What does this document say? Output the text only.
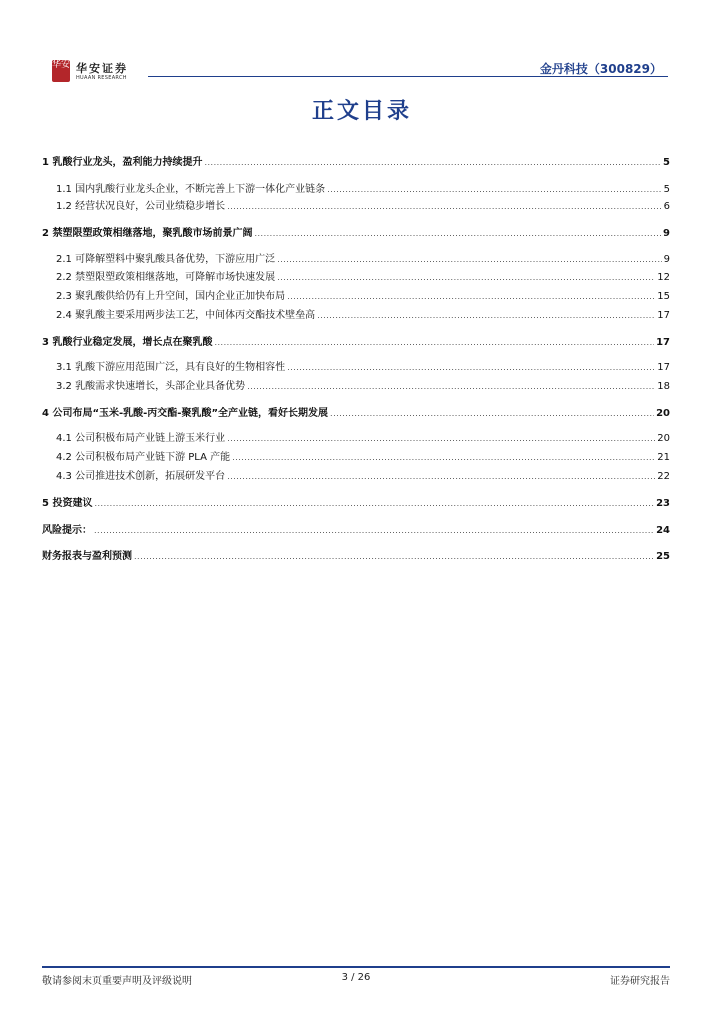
华安 华安证券
HUAAN RESEARCH
金丹科技（300829）
正文目录
1 乳酸行业龙头，盈利能力持续提升 .....	5
1.1 国内乳酸行业龙头企业，不断完善上下游一体化产业链条 .....	5
1.2 经营状况良好，公司业绩稳步增长 .....	6
2 禁塑限塑政策相继落地，聚乳酸市场前景广阔 .....	9
2.1 可降解塑料中聚乳酸具备优势，下游应用广泛 .....	9
2.2 禁塑限塑政策相继落地，可降解市场快速发展 .....	12
2.3 聚乳酸供给仍有上升空间，国内企业正加快布局 .....	15
2.4 聚乳酸主要采用两步法工艺，中间体丙交酯技术壁垒高 .....	17
3 乳酸行业稳定发展，增长点在聚乳酸 .....	17
3.1 乳酸下游应用范围广泛，具有良好的生物相容性 .....	17
3.2 乳酸需求快速增长，头部企业具备优势 .....	18
4 公司布局“玉米-乳酸-丙交酯-聚乳酸”全产业链，看好长期发展 .....	20
4.1 公司积极布局产业链上游玉米行业 .....	20
4.2 公司积极布局产业链下游 PLA 产能 .....	21
4.3 公司推进技术创新，拓展研发平台 .....	22
5 投资建议 .....	23
风险提示： .....	24
财务报表与盈利预测 .....	25
敬请参阅末页重要声明及评级说明	3 / 26	证券研究报告
